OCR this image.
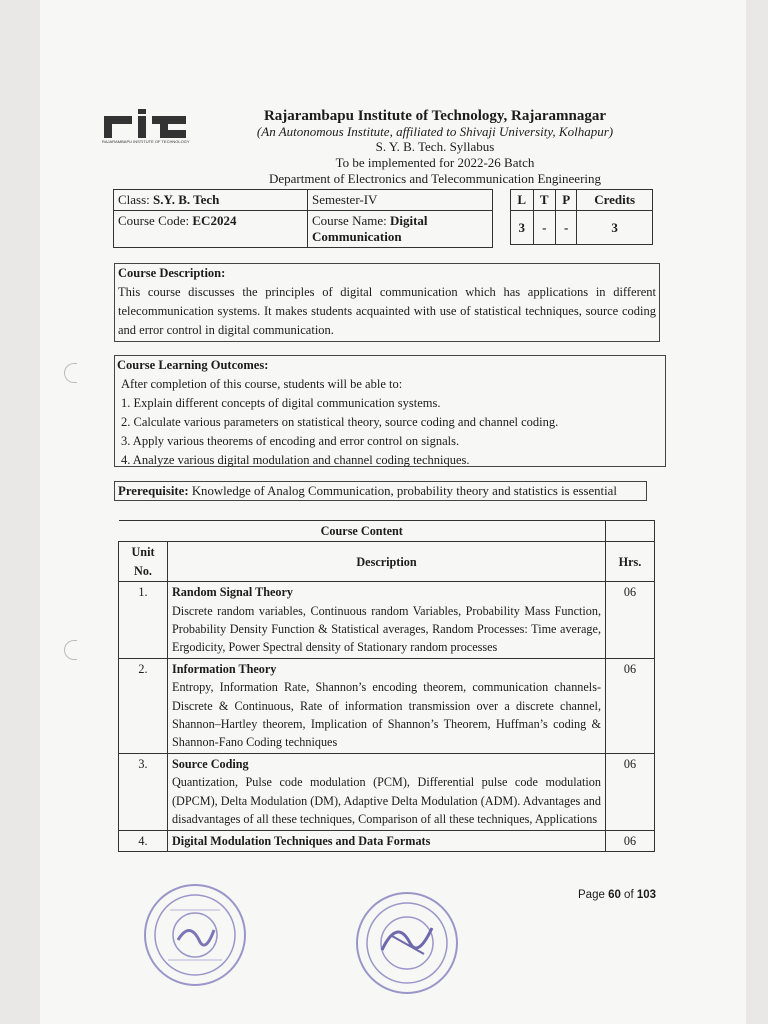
RAJARAMBAPU INSTITUTE OF TECHNOLOGY
Rajarambapu Institute of Technology, Rajaramnagar
(An Autonomous Institute, affiliated to Shivaji University, Kolhapur)
S. Y. B. Tech. Syllabus
To be implemented for 2022-26 Batch
Department of Electronics and Telecommunication Engineering
Class: S.Y. B. Tech	Semester-IV
Course Code: EC2024	Course Name: Digital
Communication
L	T	P	Credits
3	-	-	3
Course Description:
This course discusses the principles of digital communication which has applications in different telecommunication systems. It makes students acquainted with use of statistical techniques, source coding and error control in digital communication.
Course Learning Outcomes:
After completion of this course, students will be able to:
1. Explain different concepts of digital communication systems.
2. Calculate various parameters on statistical theory, source coding and channel coding.
3. Apply various theorems of encoding and error control on signals.
4. Analyze various digital modulation and channel coding techniques.
Prerequisite: Knowledge of Analog Communication, probability theory and statistics is essential
Course Content		
Unit No.	Description	Hrs.
1.	Random Signal Theory
Discrete random variables, Continuous random Variables, Probability Mass Function, Probability Density Function & Statistical averages, Random Processes: Time average, Ergodicity, Power Spectral density of Stationary random processes	06
2.	Information Theory
Entropy, Information Rate, Shannon’s encoding theorem, communication channels- Discrete & Continuous, Rate of information transmission over a discrete channel, Shannon–Hartley theorem, Implication of Shannon’s Theorem, Huffman’s coding & Shannon-Fano Coding techniques	06
3.	Source Coding
Quantization, Pulse code modulation (PCM), Differential pulse code modulation (DPCM), Delta Modulation (DM), Adaptive Delta Modulation (ADM). Advantages and disadvantages of all these techniques, Comparison of all these techniques, Applications	06
4.	Digital Modulation Techniques and Data Formats	06
Page 60 of 103
